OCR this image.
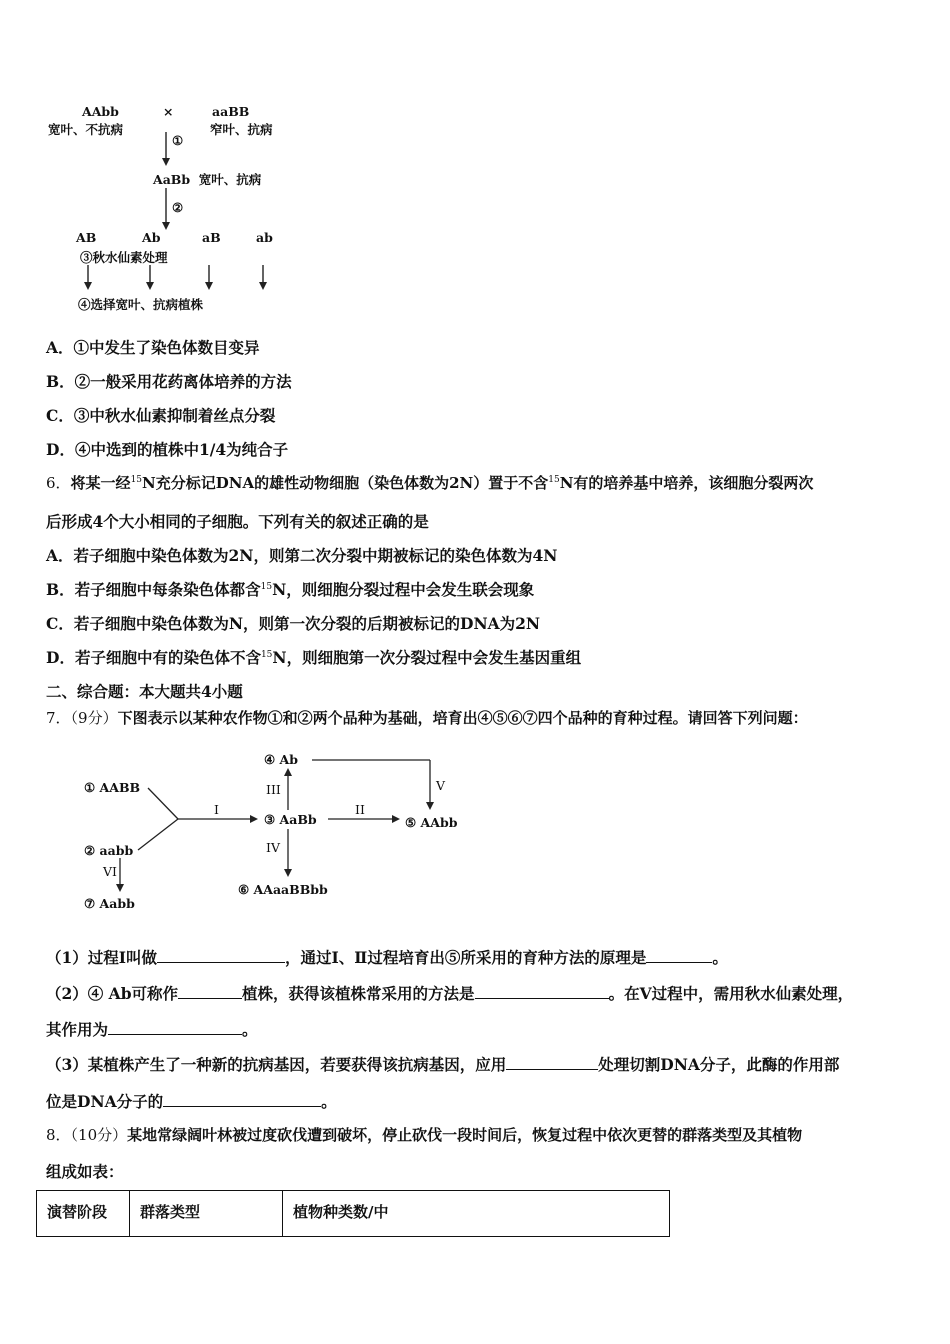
AAbb
宽叶、不抗病
×	aaBB
窄叶、抗病
①
AaBb  宽叶、抗病
②
AB	Ab	aB	ab
③秋水仙素处理
④选择宽叶、抗病植株
A．①中发生了染色体数目变异
B．②一般采用花药离体培养的方法
C．③中秋水仙素抑制着丝点分裂
D．④中选到的植株中1/4为纯合子
6．将某一经$^{15}$N充分标记DNA的雄性动物细胞（染色体数为2N）置于不含$^{15}$N有的培养基中培养，该细胞分裂两次
后形成4个大小相同的子细胞。下列有关的叙述正确的是
A．若子细胞中染色体数为2N，则第二次分裂中期被标记的染色体数为4N
B．若子细胞中每条染色体都含$^{15}$N，则细胞分裂过程中会发生联会现象
C．若子细胞中染色体数为N，则第一次分裂的后期被标记的DNA为2N
D．若子细胞中有的染色体不含$^{15}$N，则细胞第一次分裂过程中会发生基因重组
二、综合题：本大题共4小题
7．（9分）下图表示以某种农作物①和②两个品种为基础，培育出④⑤⑥⑦四个品种的育种过程。请回答下列问题：
① AABB
② aabb
③ AaBb
④ Ab
⑤ AAbb
⑥ AAaaBBbb
⑦ Aabb
I	II
III
IV
V
VI
（1）过程I叫做	，通过I、Ⅱ过程培育出⑤所采用的育种方法的原理是	。
（2）④ Ab可称作	植株，获得该植株常采用的方法是	。在V过程中，需用秋水仙素处理，
其作用为	。
（3）某植株产生了一种新的抗病基因，若要获得该抗病基因，应用	处理切割DNA分子，此酶的作用部
位是DNA分子的	。
8．（10分）某地常绿阔叶林被过度砍伐遭到破坏，停止砍伐一段时间后，恢复过程中依次更替的群落类型及其植物
组成如表：
演替阶段	群落类型	植物种类数/中
